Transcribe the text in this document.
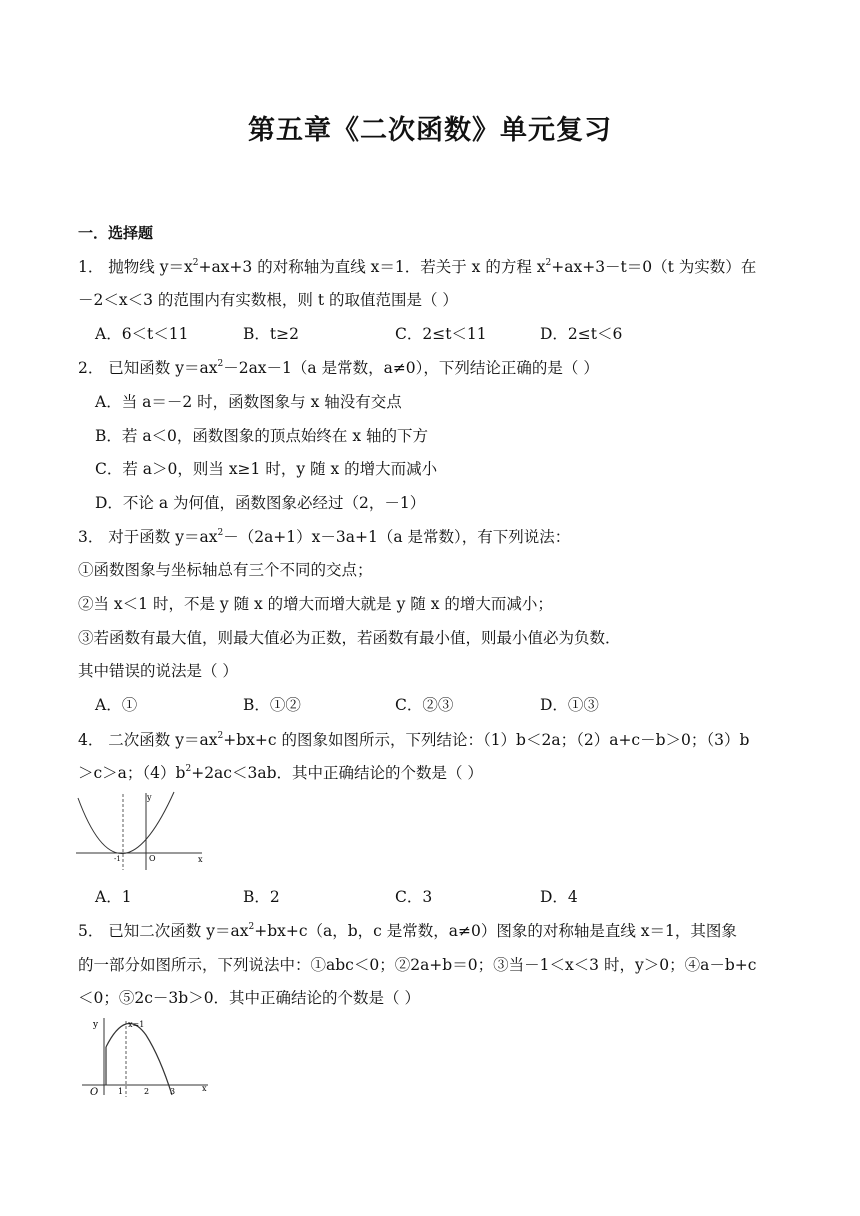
第五章《二次函数》单元复习
一．选择题
1． 抛物线 $y=x^2+ax+3$ 的对称轴为直线 x＝1．若关于 x 的方程 $x^2+ax+3-t=0(t$ 为实数）在
－2＜x＜3 的范围内有实数根，则 t 的取值范围是（ ）
A．6＜t＜11	B．t≥2	C．2≤t＜11	D．2≤t＜6
2． 已知函数 $y=ax^2-2ax-1(a$ 是常数，a≠0），下列结论正确的是（ ）
A．当 a＝－2 时，函数图象与 x 轴没有交点
B．若 a＜0，函数图象的顶点始终在 x 轴的下方
C．若 a＞0，则当 x≥1 时，y 随 x 的增大而减小
D．不论 a 为何值，函数图象必经过（2，－1）
3． 对于函数 $y=ax^2-(2a+1)x-3a+1(a$ 是常数），有下列说法：
①函数图象与坐标轴总有三个不同的交点；
②当 x＜1 时，不是 y 随 x 的增大而增大就是 y 随 x 的增大而减小；
③若函数有最大值，则最大值必为正数，若函数有最小值，则最小值必为负数．
其中错误的说法是（ ）
A．①	B．①②	C．②③	D．①③
4． 二次函数 $y=ax^2+bx+c$ 的图象如图所示，下列结论：（1）b＜2a；（2）a+c－b＞0；（3）b
＞c＞a；$(4)b^2+2ac<3ab$．其中正确结论的个数是（ ）
y
x
-1	O
A．1	B．2	C．3	D．4
5． 已知二次函数 $y=ax^2+bx+c(a$，b，c 是常数，a≠0）图象的对称轴是直线 x＝1，其图象
的一部分如图所示，下列说法中：①abc＜0；②2a+b＝0；③当－1＜x＜3 时，y＞0；④a－b+c
＜0；⑤2c－3b＞0．其中正确结论的个数是（ ）
y	x=1
x
O 1	2	3
